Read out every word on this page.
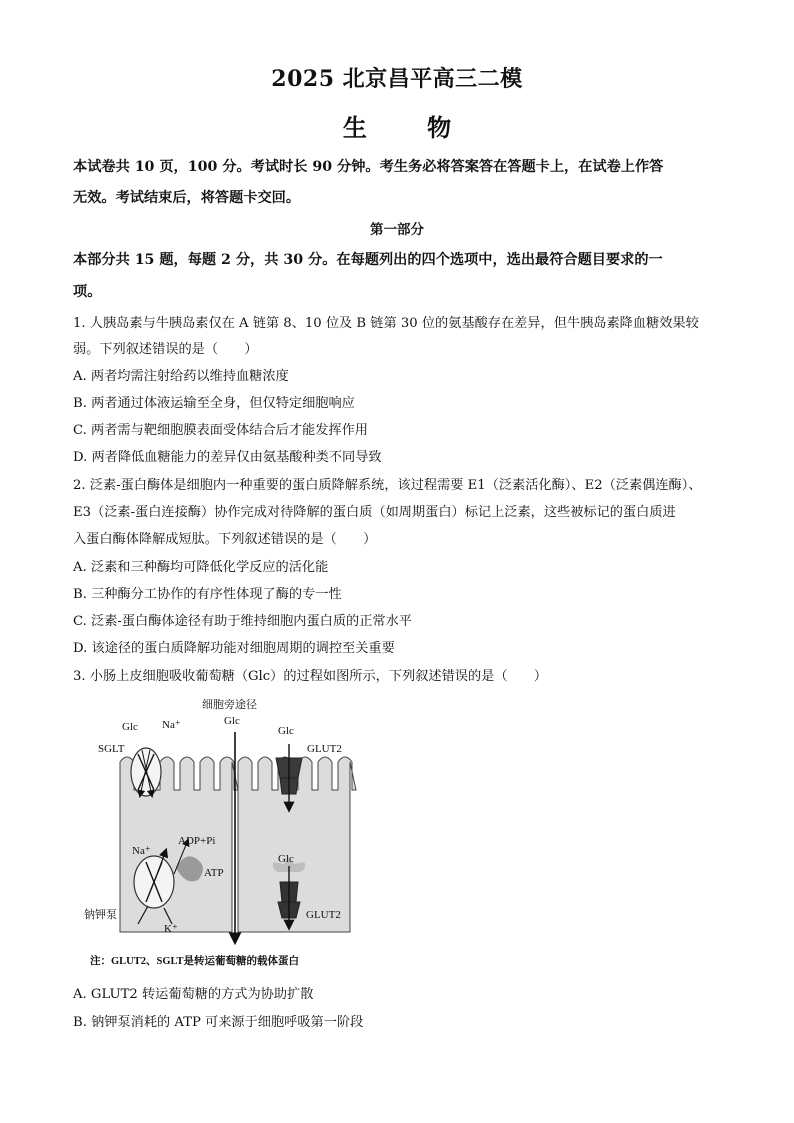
2025 北京昌平高三二模
生 物
本试卷共 10 页，100 分。考试时长 90 分钟。考生务必将答案答在答题卡上，在试卷上作答
无效。考试结束后，将答题卡交回。
第一部分
本部分共 15 题，每题 2 分，共 30 分。在每题列出的四个选项中，选出最符合题目要求的一
项。
1. 人胰岛素与牛胰岛素仅在 A 链第 8、10 位及 B 链第 30 位的氨基酸存在差异，但牛胰岛素降血糖效果较
弱。下列叙述错误的是（　　）
A. 两者均需注射给药以维持血糖浓度
B. 两者通过体液运输至全身，但仅特定细胞响应
C. 两者需与靶细胞膜表面受体结合后才能发挥作用
D. 两者降低血糖能力的差异仅由氨基酸种类不同导致
2. 泛素-蛋白酶体是细胞内一种重要的蛋白质降解系统，该过程需要 E1（泛素活化酶）、E2（泛素偶连酶）、
E3（泛素-蛋白连接酶）协作完成对待降解的蛋白质（如周期蛋白）标记上泛素，这些被标记的蛋白质进
入蛋白酶体降解成短肽。下列叙述错误的是（　　）
A. 泛素和三种酶均可降低化学反应的活化能
B. 三种酶分工协作的有序性体现了酶的专一性
C. 泛素-蛋白酶体途径有助于维持细胞内蛋白质的正常水平
D. 该途径的蛋白质降解功能对细胞周期的调控至关重要
3. 小肠上皮细胞吸收葡萄糖（Glc）的过程如图所示，下列叙述错误的是（　　）
细胞旁途径
Glc
Glc Na⁺
SGLT
Glc
GLUT2
Na⁺
ADP+Pi
ATP
钠钾泵
K⁺
Glc
GLUT2
注：GLUT2、SGLT是转运葡萄糖的载体蛋白
A. GLUT2 转运葡萄糖的方式为协助扩散
B. 钠钾泵消耗的 ATP 可来源于细胞呼吸第一阶段
